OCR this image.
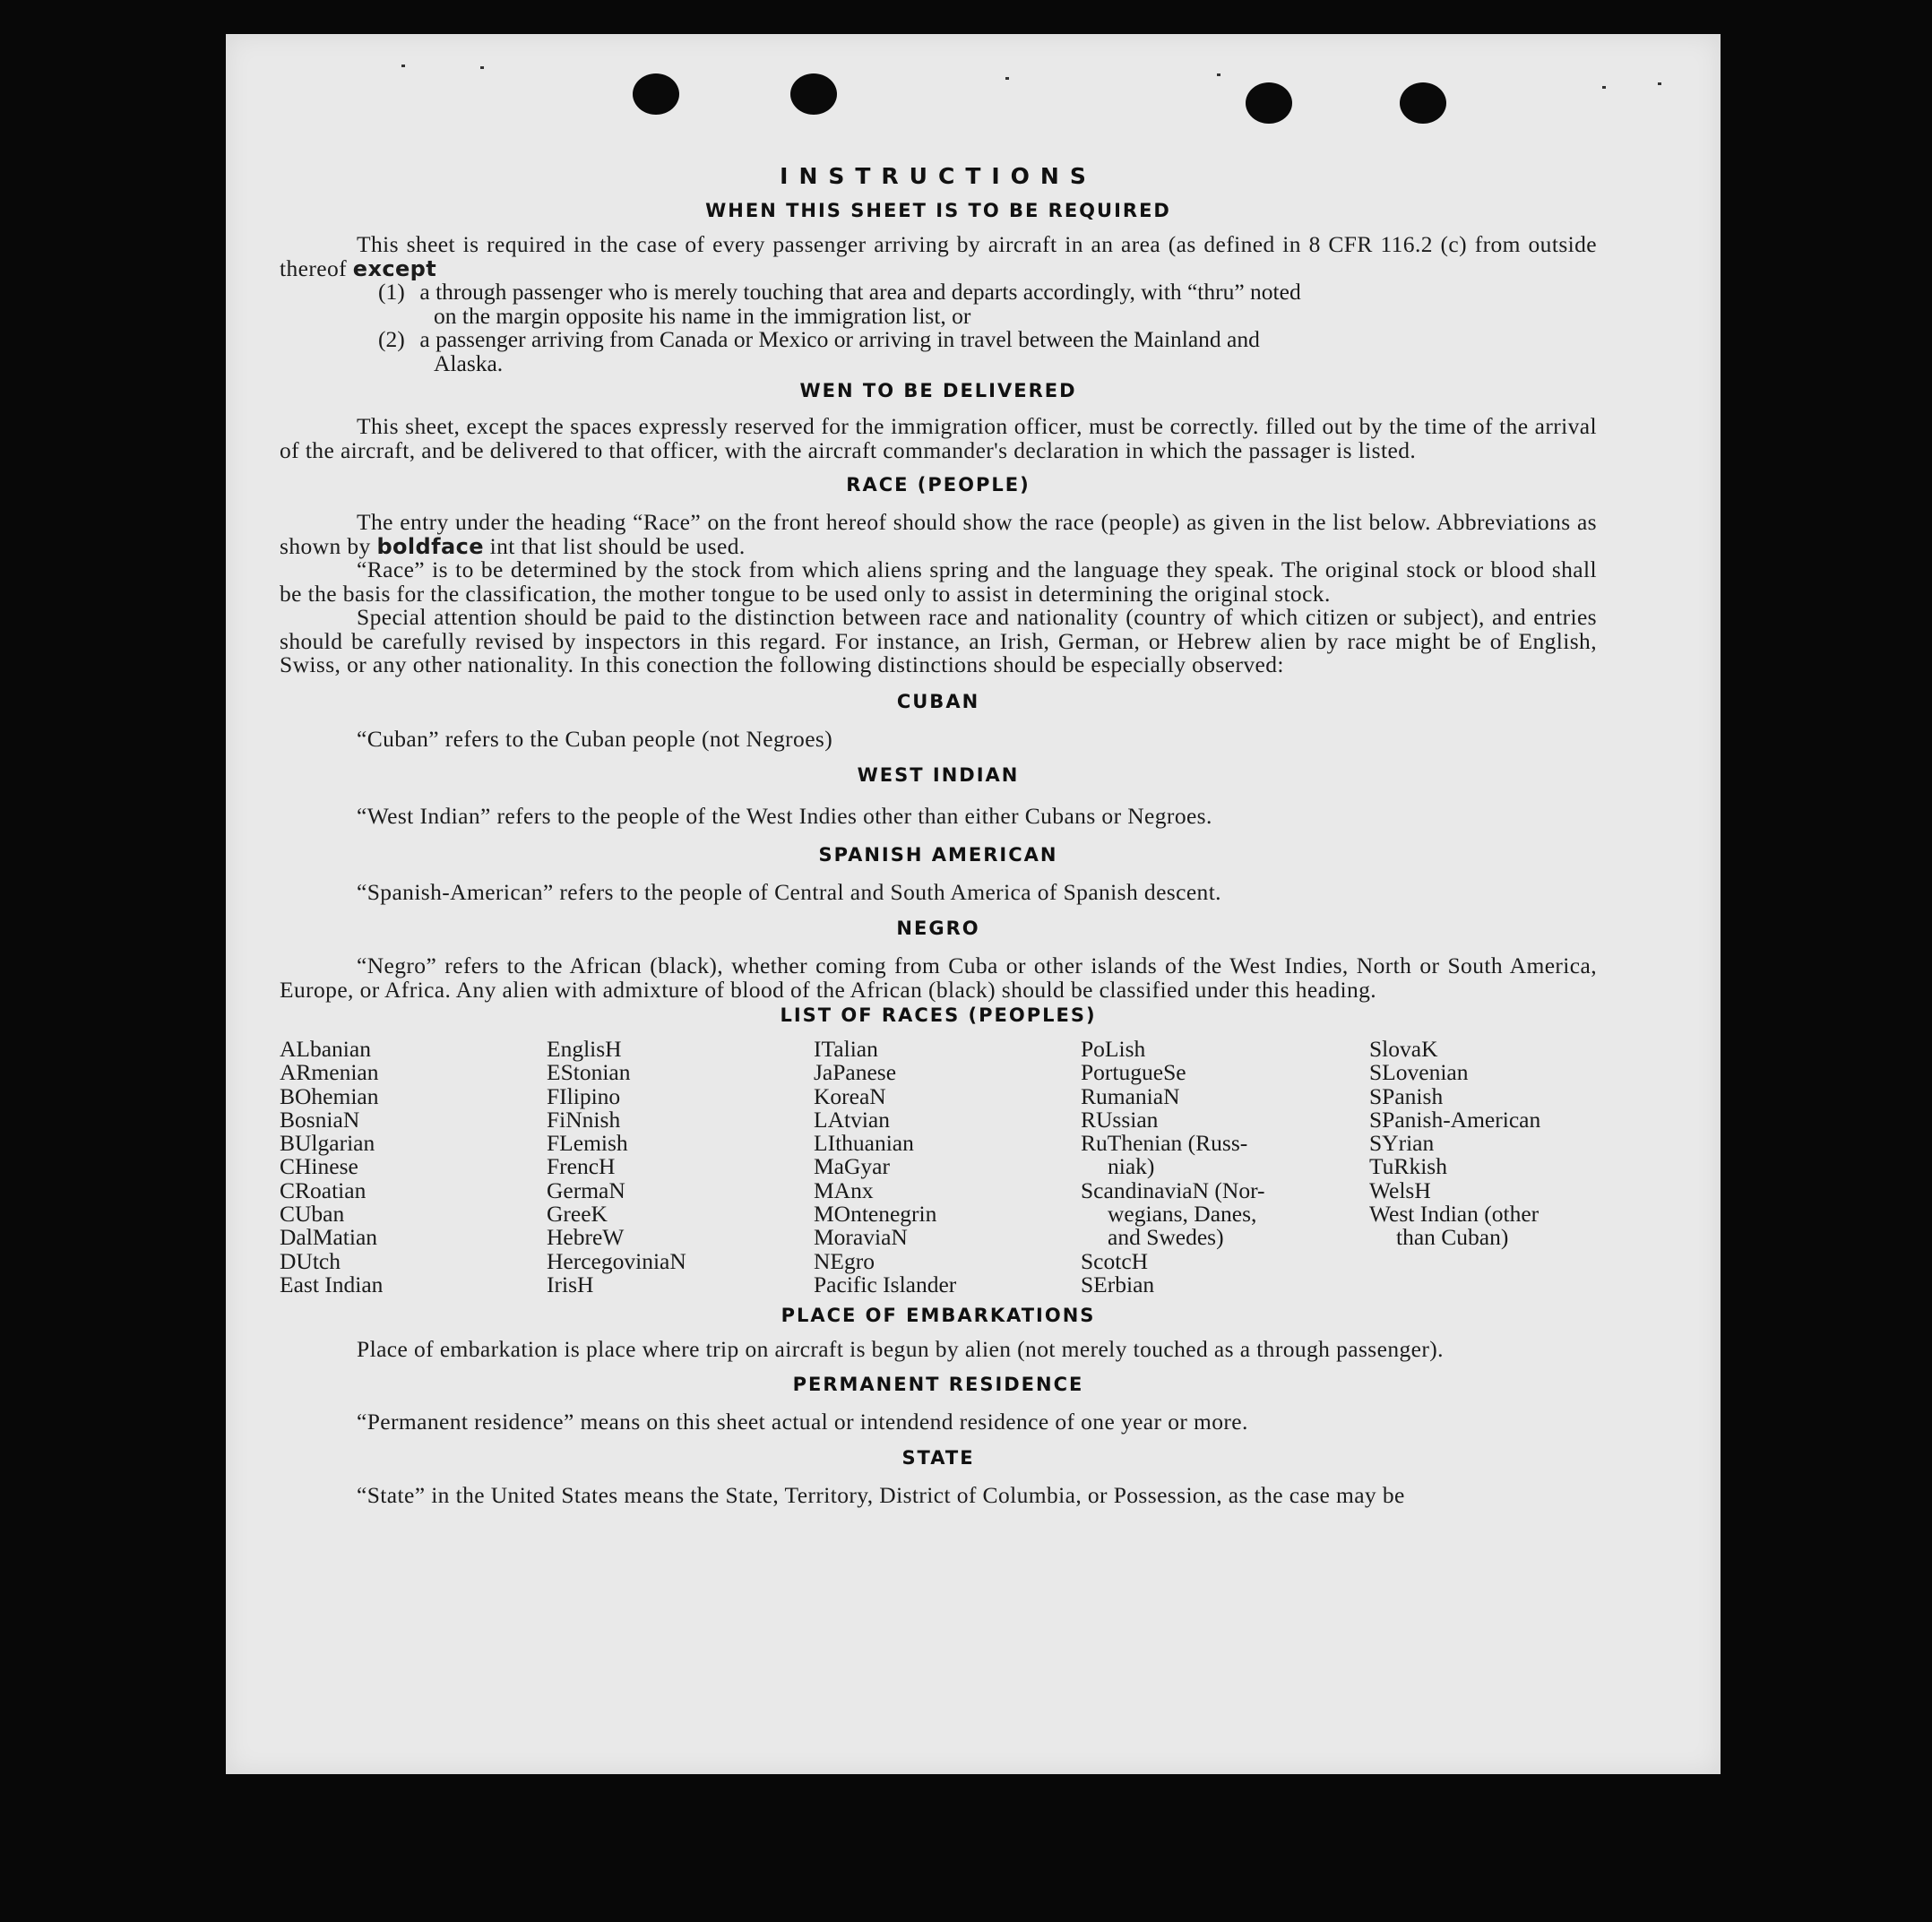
INSTRUCTIONS
WHEN THIS SHEET IS TO BE REQUIRED

This sheet is required in the case of every passenger arriving by aircraft in an area (as defined in 8 CFR 116.2 (c) from outside thereof except

(1) a through passenger who is merely touching that area and departs accordingly, with “thru” noted
on the margin opposite his name in the immigration list, or
(2) a passenger arriving from Canada or Mexico or arriving in travel between the Mainland and
Alaska.
WEN TO BE DELIVERED

This sheet, except the spaces expressly reserved for the immigration officer, must be correctly. filled out by the time of the arrival of the aircraft, and be delivered to that officer, with the aircraft commander's declaration in which the passager is listed.

RACE (PEOPLE)

The entry under the heading “Race” on the front hereof should show the race (people) as given in the list below. Abbreviations as shown by boldface int that list should be used.

“Race” is to be determined by the stock from which aliens spring and the language they speak. The original stock or blood shall be the basis for the classification, the mother tongue to be used only to assist in determining the original stock.

Special attention should be paid to the distinction between race and nationality (country of which citizen or subject), and entries should be carefully revised by inspectors in this regard. For instance, an Irish, German, or Hebrew alien by race might be of English, Swiss, or any other nationality. In this conection the following distinctions should be especially observed:

CUBAN

“Cuban” refers to the Cuban people (not Negroes)

WEST INDIAN

“West Indian” refers to the people of the West Indies other than either Cubans or Negroes.

SPANISH AMERICAN

“Spanish-American” refers to the people of Central and South America of Spanish descent.

NEGRO

“Negro” refers to the African (black), whether coming from Cuba or other islands of the West Indies, North or South America, Europe, or Africa. Any alien with admixture of blood of the African (black) should be classified under this heading.

LIST OF RACES (PEOPLES)
ALbanian
ARmenian
BOhemian
BosniaN
BUlgarian
CHinese
CRoatian
CUban
DalMatian
DUtch
East Indian
EnglisH
EStonian
FIlipino
FiNnish
FLemish
FrencH
GermaN
GreeK
HebreW
HercegoviniaN
IrisH
ITalian
JaPanese
KoreaN
LAtvian
LIthuanian
MaGyar
MAnx
MOntenegrin
MoraviaN
NEgro
Pacific Islander
PoLish
PortugueSe
RumaniaN
RUssian
RuThenian (Russ-
niak)
ScandinaviaN (Nor-
wegians, Danes,
and Swedes)
ScotcH
SErbian
SlovaK
SLovenian
SPanish
SPanish-American
SYrian
TuRkish
WelsH
West Indian (other
than Cuban)
PLACE OF EMBARKATIONS

Place of embarkation is place where trip on aircraft is begun by alien (not merely touched as a through passenger).

PERMANENT RESIDENCE

“Permanent residence” means on this sheet actual or intendend residence of one year or more.

STATE

“State” in the United States means the State, Territory, District of Columbia, or Possession, as the case may be
